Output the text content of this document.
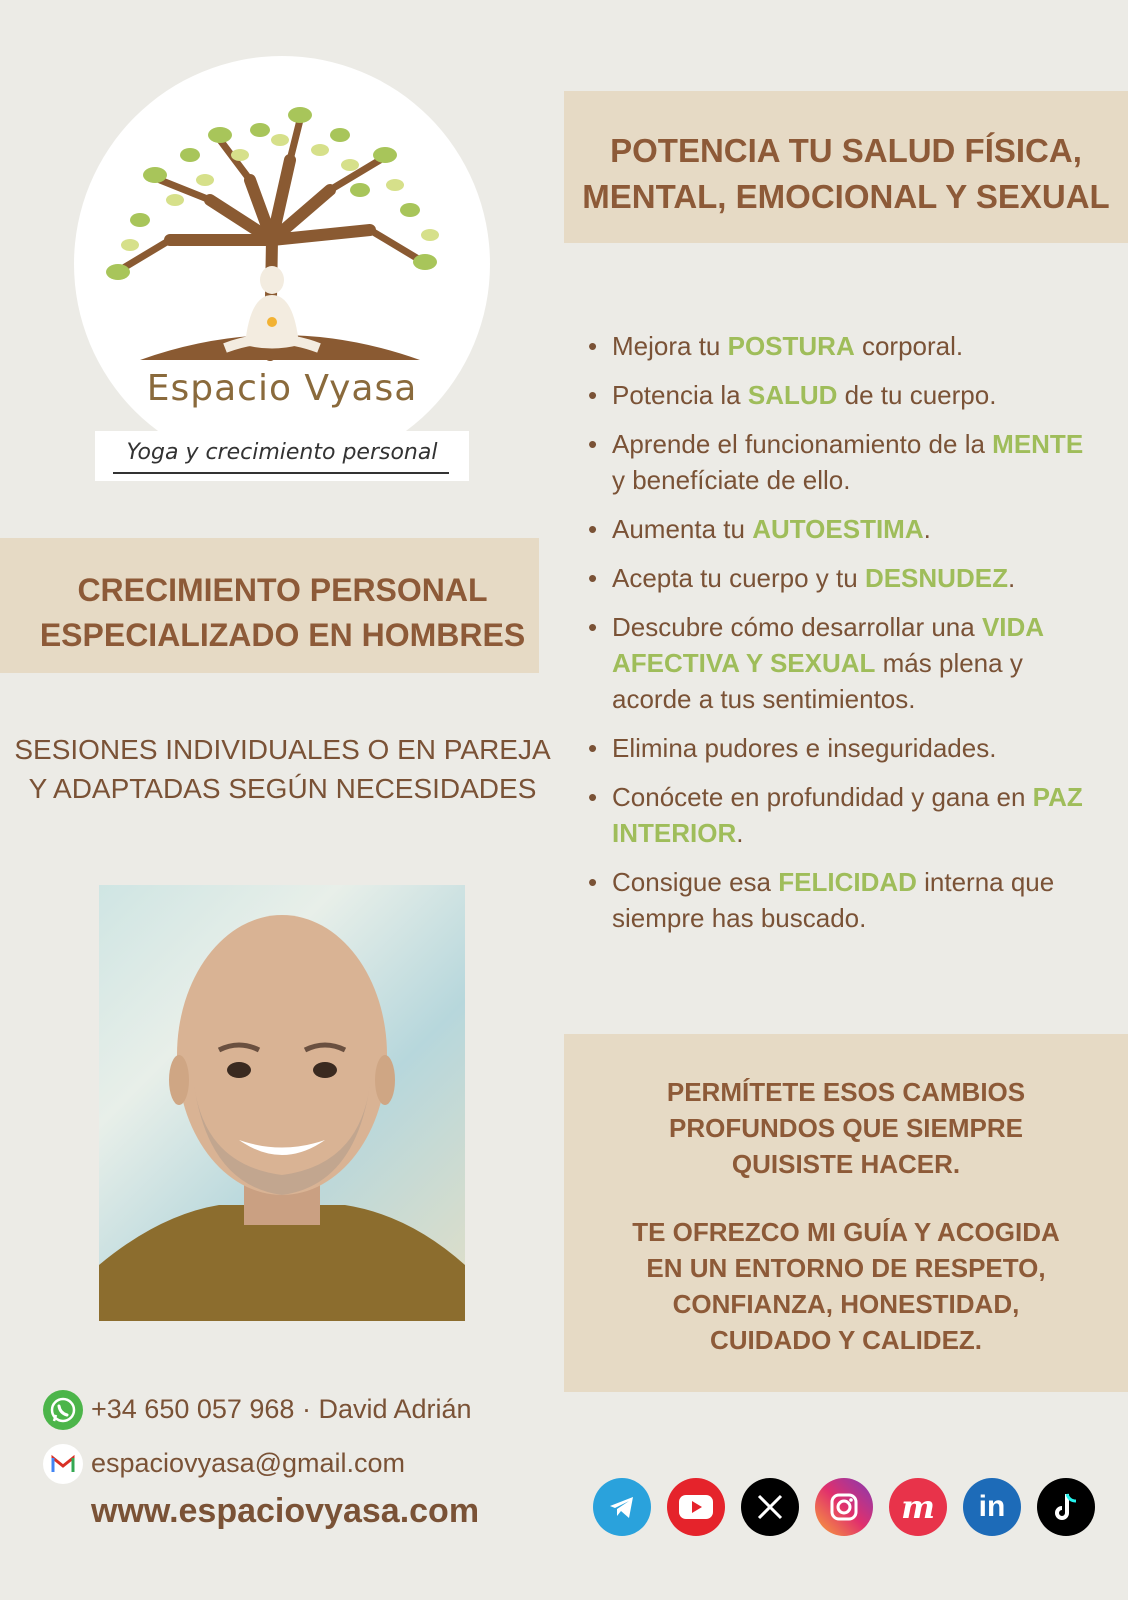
Espacio Vyasa
Yoga y crecimiento personal
CRECIMIENTO PERSONAL
ESPECIALIZADO EN HOMBRES
SESIONES INDIVIDUALES O EN PAREJA
Y ADAPTADAS SEGÚN NECESIDADES
+34 650 057 968 · David Adrián
espaciovyasa@gmail.com
www.espaciovyasa.com
POTENCIA TU SALUD FÍSICA,
MENTAL, EMOCIONAL Y SEXUAL
• Mejora tu POSTURA corporal.
• Potencia la SALUD de tu cuerpo.
• Aprende el funcionamiento de la MENTE y benefíciate de ello.
• Aumenta tu AUTOESTIMA.
• Acepta tu cuerpo y tu DESNUDEZ.
• Descubre cómo desarrollar una VIDA AFECTIVA Y SEXUAL más plena y acorde a tus sentimientos.
• Elimina pudores e inseguridades.
• Conócete en profundidad y gana en PAZ INTERIOR.
• Consigue esa FELICIDAD interna que siempre has buscado.
PERMÍTETE ESOS CAMBIOS
PROFUNDOS QUE SIEMPRE
QUISISTE HACER.
TE OFREZCO MI GUÍA Y ACOGIDA
EN UN ENTORNO DE RESPETO,
CONFIANZA, HONESTIDAD,
CUIDADO Y CALIDEZ.
m in
